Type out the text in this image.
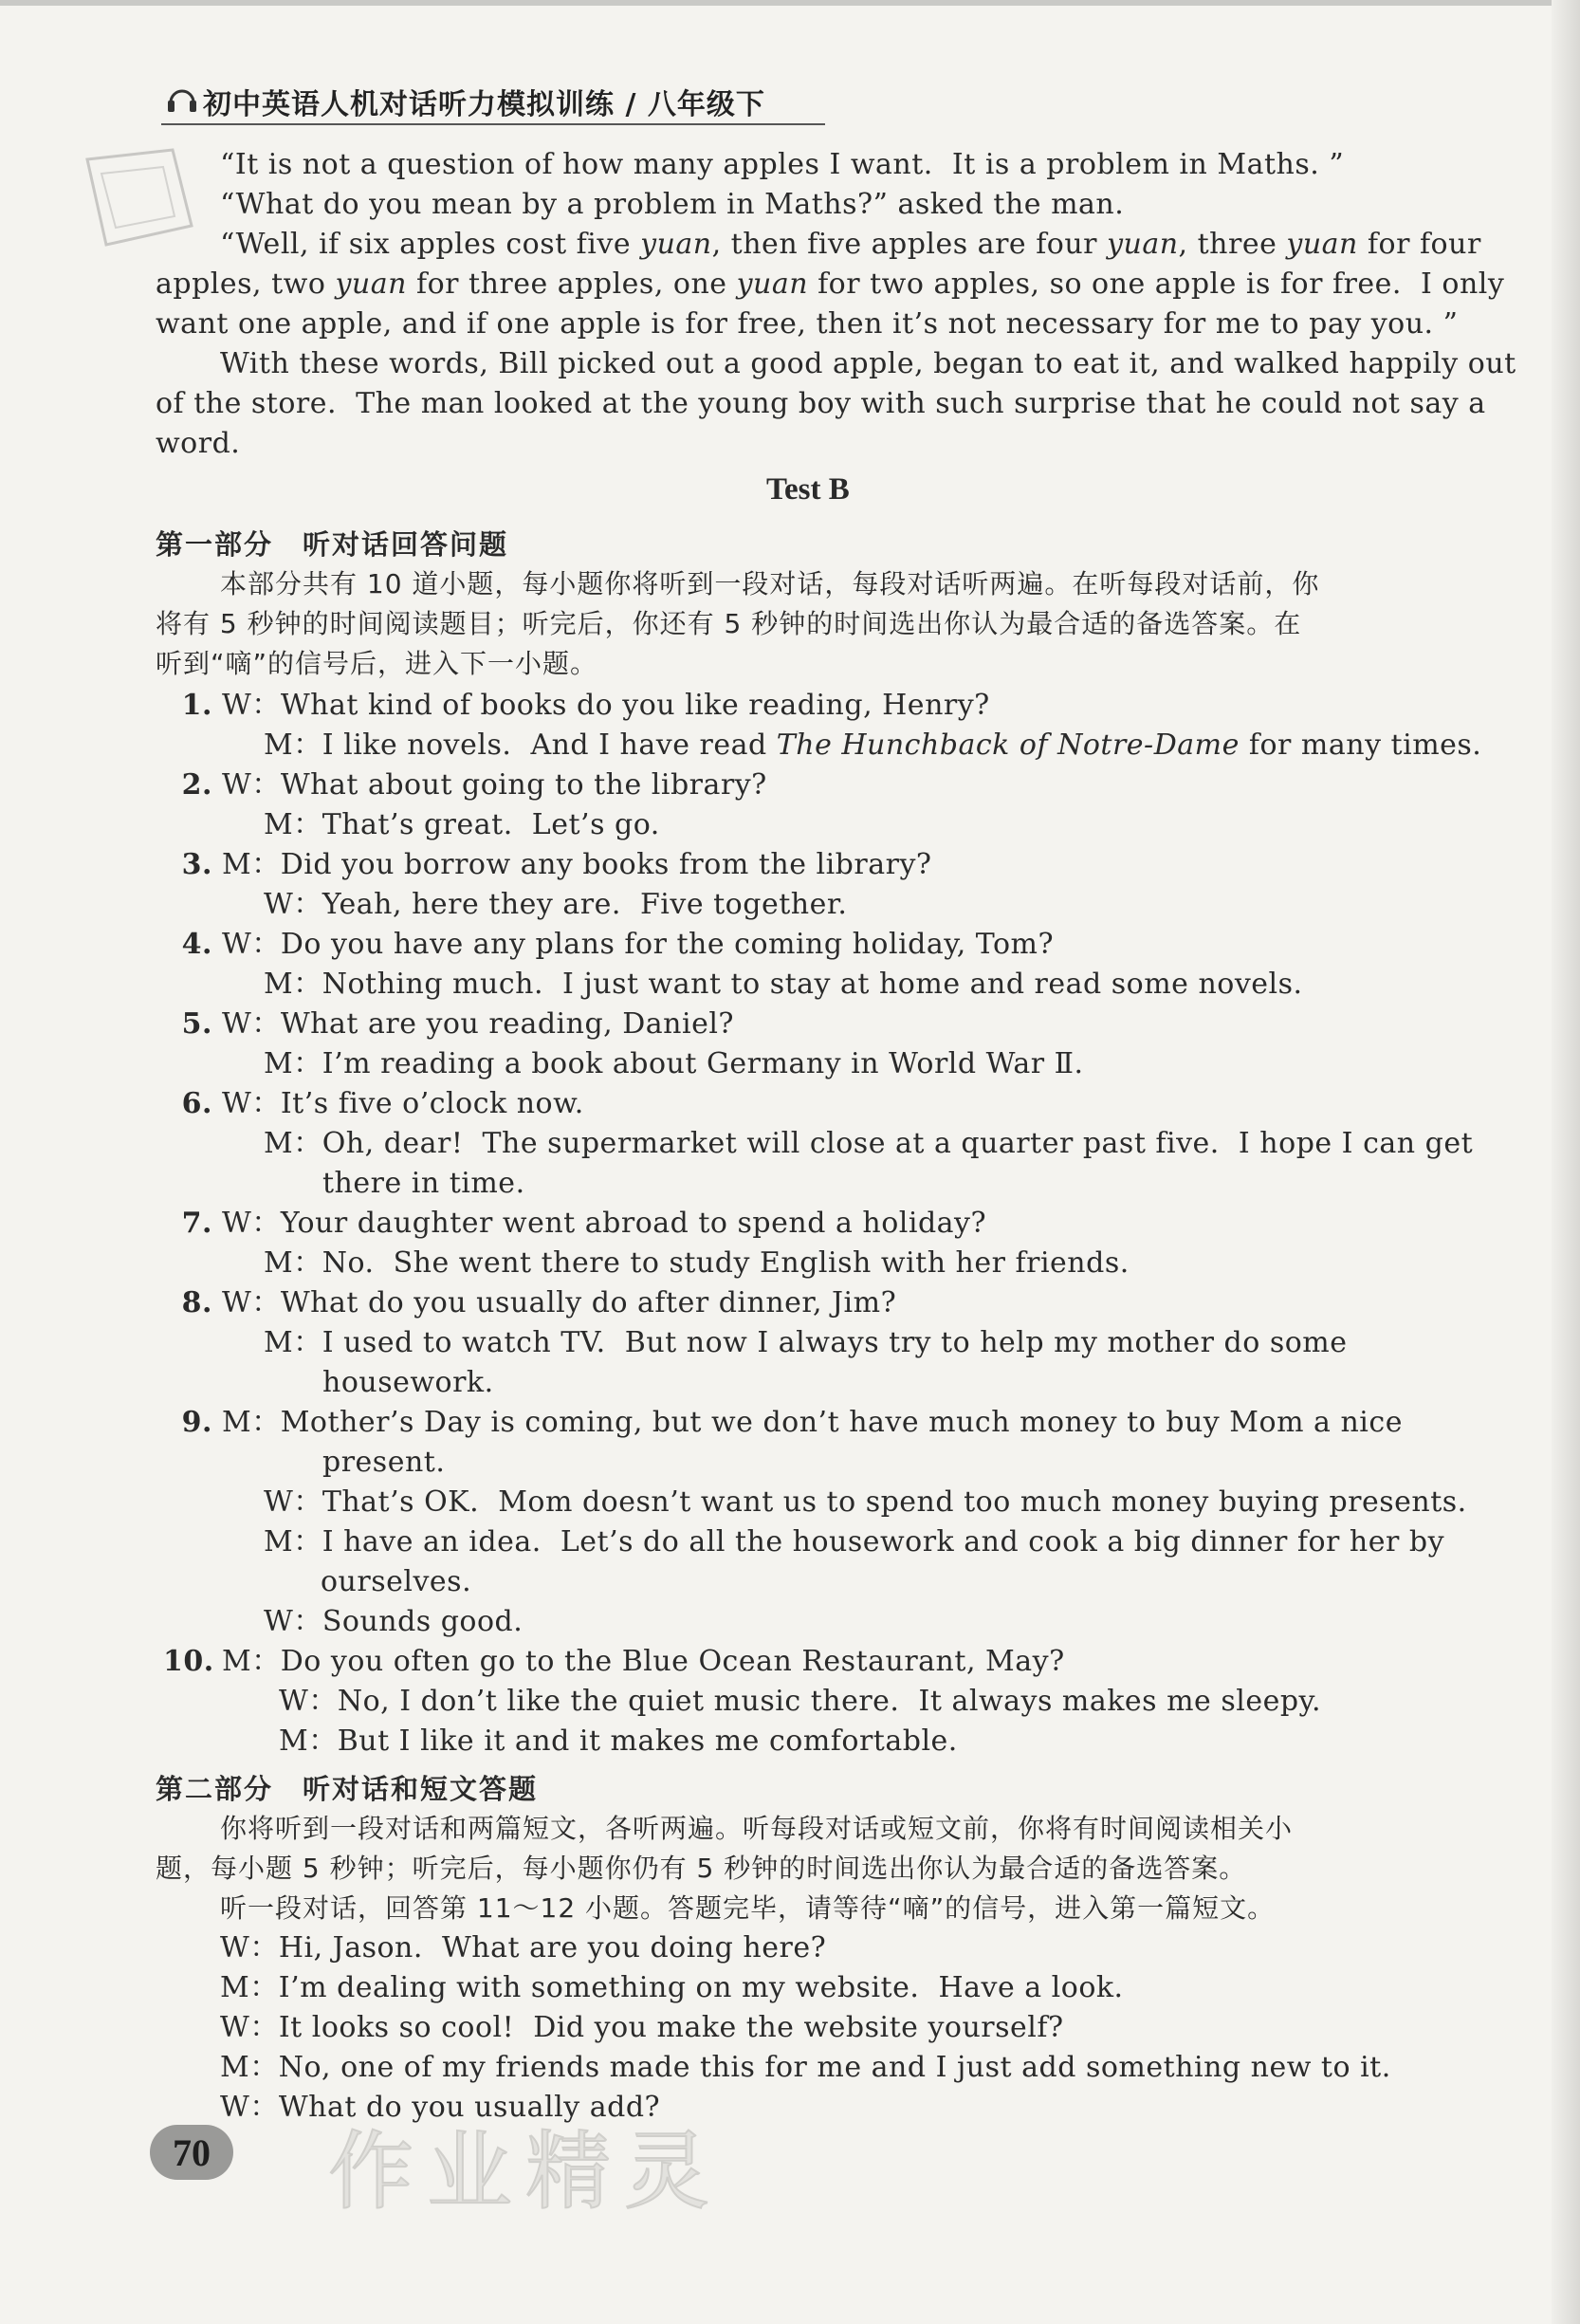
初中英语人机对话听力模拟训练 / 八年级下
“It is not a question of how many apples I want.  It is a problem in Maths. ”
“What do you mean by a problem in Maths?” asked the man.
“Well, if six apples cost five yuan, then five apples are four yuan, three yuan for four
apples, two yuan for three apples, one yuan for two apples, so one apple is for free.  I only
want one apple, and if one apple is for free, then it’s not necessary for me to pay you. ”
With these words, Bill picked out a good apple, began to eat it, and walked happily out
of the store.  The man looked at the young boy with such surprise that he could not say a
word.
Test B
第一部分　听对话回答问题
本部分共有 10 道小题，每小题你将听到一段对话，每段对话听两遍。在听每段对话前，你
将有 5 秒钟的时间阅读题目；听完后，你还有 5 秒钟的时间选出你认为最合适的备选答案。在
听到“嘀”的信号后，进入下一小题。
1. W：What kind of books do you like reading, Henry?
M：I like novels.  And I have read The Hunchback of Notre-Dame for many times.
2. W：What about going to the library?
M：That’s great.  Let’s go.
3. M：Did you borrow any books from the library?
W：Yeah, here they are.  Five together.
4. W：Do you have any plans for the coming holiday, Tom?
M：Nothing much.  I just want to stay at home and read some novels.
5. W：What are you reading, Daniel?
M：I’m reading a book about Germany in World War Ⅱ.
6. W：It’s five o’clock now.
M：Oh, dear!  The supermarket will close at a quarter past five.  I hope I can get
there in time.
7. W：Your daughter went abroad to spend a holiday?
M：No.  She went there to study English with her friends.
8. W：What do you usually do after dinner, Jim?
M：I used to watch TV.  But now I always try to help my mother do some
housework.
9. M：Mother’s Day is coming, but we don’t have much money to buy Mom a nice
present.
W：That’s OK.  Mom doesn’t want us to spend too much money buying presents.
M：I have an idea.  Let’s do all the housework and cook a big dinner for her by
ourselves.
W：Sounds good.
10. M：Do you often go to the Blue Ocean Restaurant, May?
W：No, I don’t like the quiet music there.  It always makes me sleepy.
M：But I like it and it makes me comfortable.
第二部分　听对话和短文答题
你将听到一段对话和两篇短文，各听两遍。听每段对话或短文前，你将有时间阅读相关小
题，每小题 5 秒钟；听完后，每小题你仍有 5 秒钟的时间选出你认为最合适的备选答案。
听一段对话，回答第 11～12 小题。答题完毕，请等待“嘀”的信号，进入第一篇短文。
W：Hi, Jason.  What are you doing here?
M：I’m dealing with something on my website.  Have a look.
W：It looks so cool!  Did you make the website yourself?
M：No, one of my friends made this for me and I just add something new to it.
W：What do you usually add?
70 作业精灵
